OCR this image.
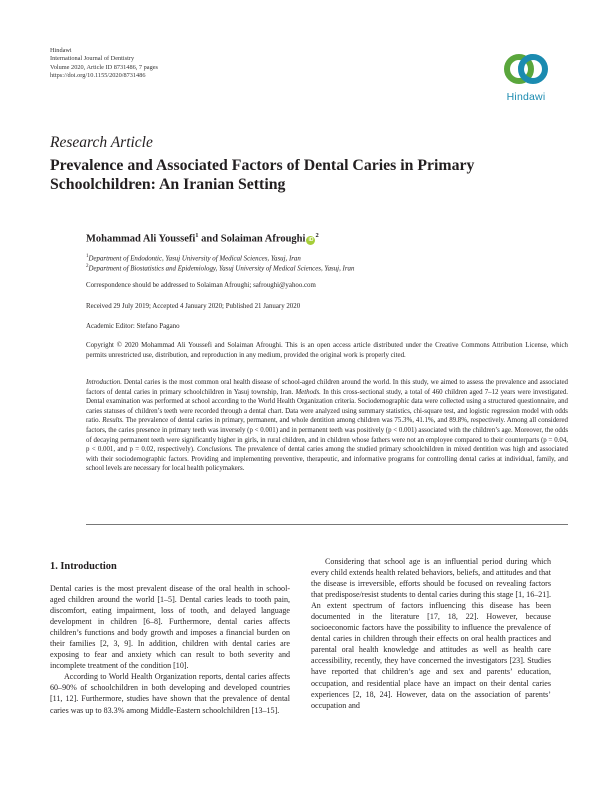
Hindawi
International Journal of Dentistry
Volume 2020, Article ID 8731486, 7 pages
https://doi.org/10.1155/2020/8731486
Hindawi
Research Article
Prevalence and Associated Factors of Dental Caries in Primary Schoolchildren: An Iranian Setting
Mohammad Ali Youssefi$^1$ and Solaiman Afroughi $iD^2$
$^1$Department of Endodontic, Yasuj University of Medical Sciences, Yasuj, Iran
$^2$Department of Biostatistics and Epidemiology, Yasuj University of Medical Sciences, Yasuj, Iran
Correspondence should be addressed to Solaiman Afroughi; safroughi@yahoo.com
Received 29 July 2019; Accepted 4 January 2020; Published 21 January 2020
Academic Editor: Stefano Pagano
Copyright © 2020 Mohammad Ali Youssefi and Solaiman Afroughi. This is an open access article distributed under the Creative Commons Attribution License, which permits unrestricted use, distribution, and reproduction in any medium, provided the original work is properly cited.
Introduction. Dental caries is the most common oral health disease of school-aged children around the world. In this study, we aimed to assess the prevalence and associated factors of dental caries in primary schoolchildren in Yasuj township, Iran. Methods. In this cross-sectional study, a total of 460 children aged 7–12 years were investigated. Dental examination was performed at school according to the World Health Organization criteria. Sociodemographic data were collected using a structured questionnaire, and caries statuses of children’s teeth were recorded through a dental chart. Data were analyzed using summary statistics, chi-square test, and logistic regression model with odds ratio. Results. The prevalence of dental caries in primary, permanent, and whole dentition among children was 75.3%, 41.1%, and 89.8%, respectively. Among all considered factors, the caries presence in primary teeth was inversely (p < 0.001) and in permanent teeth was positively (p < 0.001) associated with the children’s age. Moreover, the odds of decaying permanent teeth were significantly higher in girls, in rural children, and in children whose fathers were not an employee compared to their counterparts (p = 0.04, p < 0.001, and p = 0.02, respectively). Conclusions. The prevalence of dental caries among the studied primary schoolchildren in mixed dentition was high and associated with their sociodemographic factors. Providing and implementing preventive, therapeutic, and informative programs for controlling dental caries at individual, family, and school levels are necessary for local health policymakers.
1. Introduction

Dental caries is the most prevalent disease of the oral health in school-aged children around the world [1–5]. Dental caries leads to tooth pain, discomfort, eating impairment, loss of tooth, and delayed language development in children [6–8]. Furthermore, dental caries affects children’s functions and body growth and imposes a financial burden on their families [2, 3, 9]. In addition, children with dental caries are exposing to fear and anxiety which can result to both severity and incomplete treatment of the condition [10].

According to World Health Organization reports, dental caries affects 60–90% of schoolchildren in both developing and developed countries [11, 12]. Furthermore, studies have shown that the prevalence of dental caries was up to 83.3% among Middle-Eastern schoolchildren [13–15].

Considering that school age is an influential period during which every child extends health related behaviors, beliefs, and attitudes and that the disease is irreversible, efforts should be focused on revealing factors that predispose/resist students to dental caries during this stage [1, 16–21]. An extent spectrum of factors influencing this disease has been documented in the literature [17, 18, 22]. However, because socioeconomic factors have the possibility to influence the prevalence of dental caries in children through their effects on oral health practices and parental oral health knowledge and attitudes as well as health care accessibility, recently, they have concerned the investigators [23]. Studies have reported that children’s age and sex and parents’ education, occupation, and residential place have an impact on their dental caries experiences [2, 18, 24]. However, data on the association of parents’ occupation and
